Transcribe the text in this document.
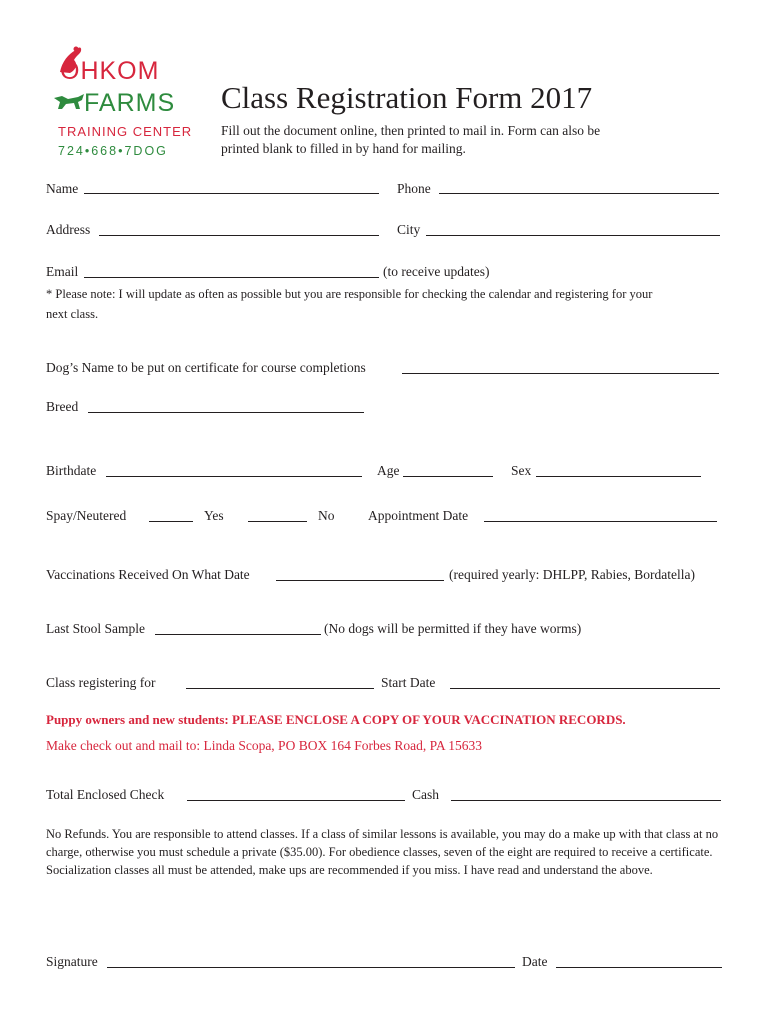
OHKOM
FARMS
TRAINING CENTER
724•668•7DOG
Class Registration Form 2017
Fill out the document online, then printed to mail in. Form can also be
printed blank to filled in by hand for mailing.
Name	Phone
Address	City
Email	(to receive updates)
* Please note: I will update as often as possible but you are responsible for checking the calendar and registering for your
next class.
Dog’s Name to be put on certificate for course completions
Breed
Birthdate	Age	Sex
Spay/Neutered	Yes	No Appointment Date
Vaccinations Received On What Date	(required yearly: DHLPP, Rabies, Bordatella)
Last Stool Sample	(No dogs will be permitted if they have worms)
Class registering for	Start Date
Puppy owners and new students: PLEASE ENCLOSE A COPY OF YOUR VACCINATION RECORDS.
Make check out and mail to: Linda Scopa, PO BOX 164 Forbes Road, PA 15633
Total Enclosed Check	Cash
No Refunds. You are responsible to attend classes. If a class of similar lessons is available, you may do a make up with that class at no charge, otherwise you must schedule a private ($35.00). For obedience classes, seven of the eight are required to receive a certificate. Socialization classes all must be attended, make ups are recommended if you miss. I have read and understand the above.
Signature	Date
